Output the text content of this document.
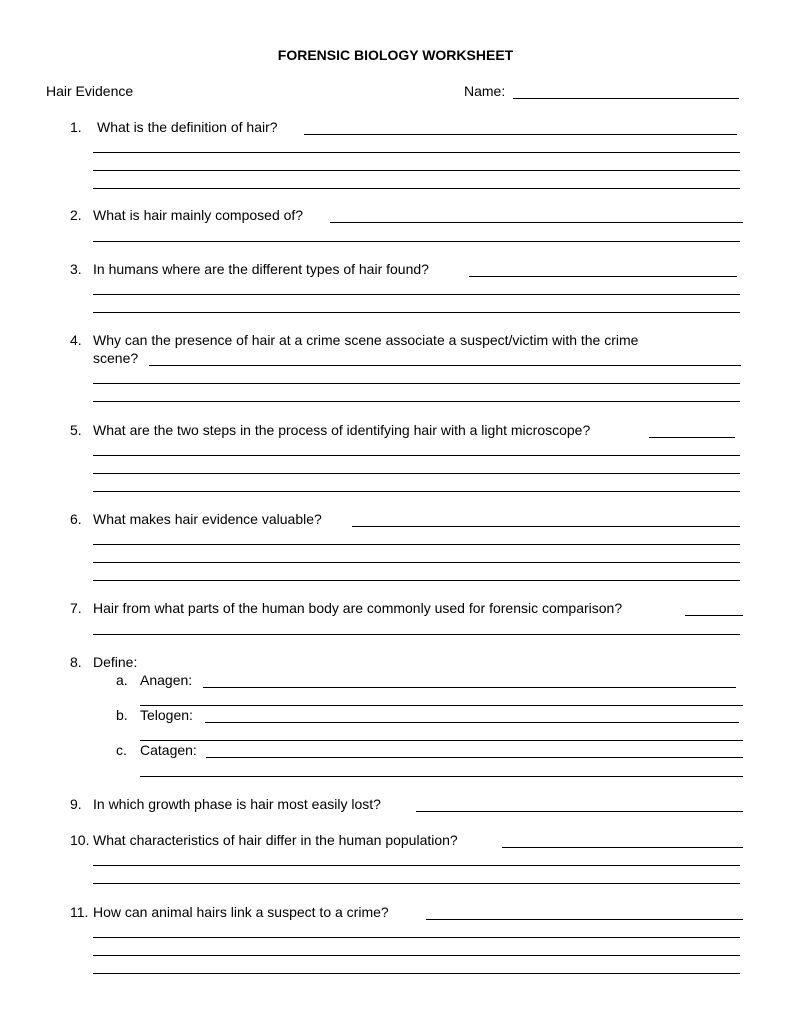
FORENSIC BIOLOGY WORKSHEET
Hair Evidence	Name:
1. What is the definition of hair?
2. What is hair mainly composed of?
3. In humans where are the different types of hair found?
4. Why can the presence of hair at a crime scene associate a suspect/victim with the crime
scene?
5. What are the two steps in the process of identifying hair with a light microscope?
6. What makes hair evidence valuable?
7. Hair from what parts of the human body are commonly used for forensic comparison?
8. Define:
a. Anagen:
b. Telogen:
c. Catagen:
9. In which growth phase is hair most easily lost?
10. What characteristics of hair differ in the human population?
11. How can animal hairs link a suspect to a crime?
